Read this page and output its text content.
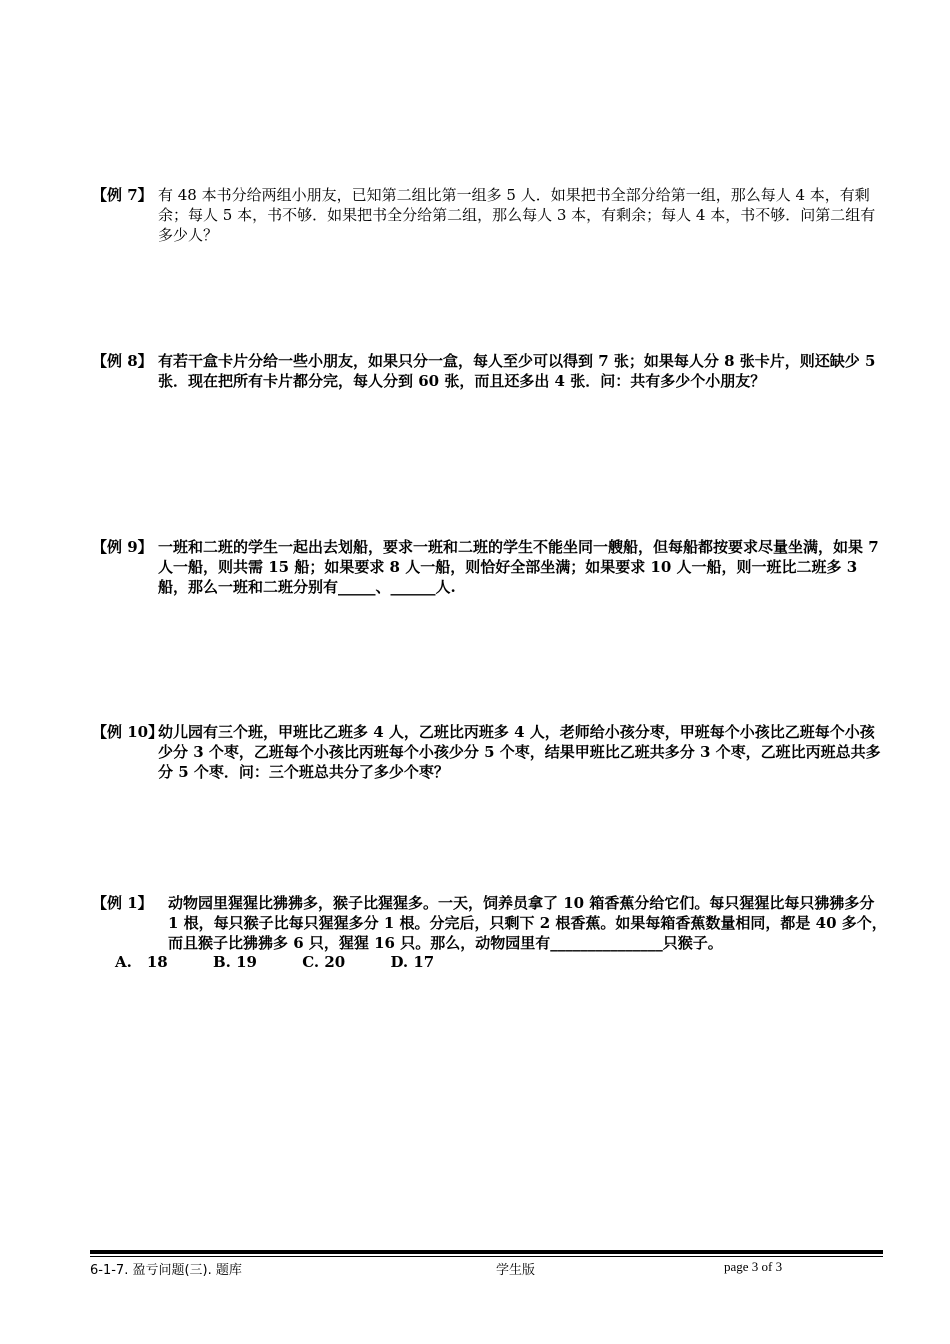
【例 7】 有 48 本书分给两组小朋友，已知第二组比第一组多 5 人．如果把书全部分给第一组，那么每人 4 本，有剩余；每人 5 本，书不够．如果把书全分给第二组，那么每人 3 本，有剩余；每人 4 本，书不够．问第二组有多少人？
【例 8】 有若干盒卡片分给一些小朋友，如果只分一盒，每人至少可以得到 7 张；如果每人分 8 张卡片，则还缺少 5 张．现在把所有卡片都分完，每人分到 60 张，而且还多出 4 张．问：共有多少个小朋友？
【例 9】 一班和二班的学生一起出去划船，要求一班和二班的学生不能坐同一艘船，但每船都按要求尽量坐满，如果 7 人一船，则共需 15 船；如果要求 8 人一船，则恰好全部坐满；如果要求 10 人一船，则一班比二班多 3 船，那么一班和二班分别有_____、______人.
【例 10】
幼儿园有三个班，甲班比乙班多 4 人，乙班比丙班多 4 人，老师给小孩分枣，甲班每个小孩比乙班每个小孩少分 3 个枣，乙班每个小孩比丙班每个小孩少分 5 个枣，结果甲班比乙班共多分 3 个枣，乙班比丙班总共多分 5 个枣．问：三个班总共分了多少个枣？
【例 1】	动物园里猩猩比狒狒多，猴子比猩猩多。一天，饲养员拿了 10 箱香蕉分给它们。每只猩猩比每只狒狒多分 1 根，每只猴子比每只猩猩多分 1 根。分完后，只剩下 2 根香蕉。如果每箱香蕉数量相同，都是 40 多个，而且猴子比狒狒多 6 只，猩猩 16 只。那么，动物园里有_______________只猴子。
A.　18	B. 19	C. 20	D. 17
6-1-7. 盈亏问题(三). 题库	学生版	page 3 of 3
